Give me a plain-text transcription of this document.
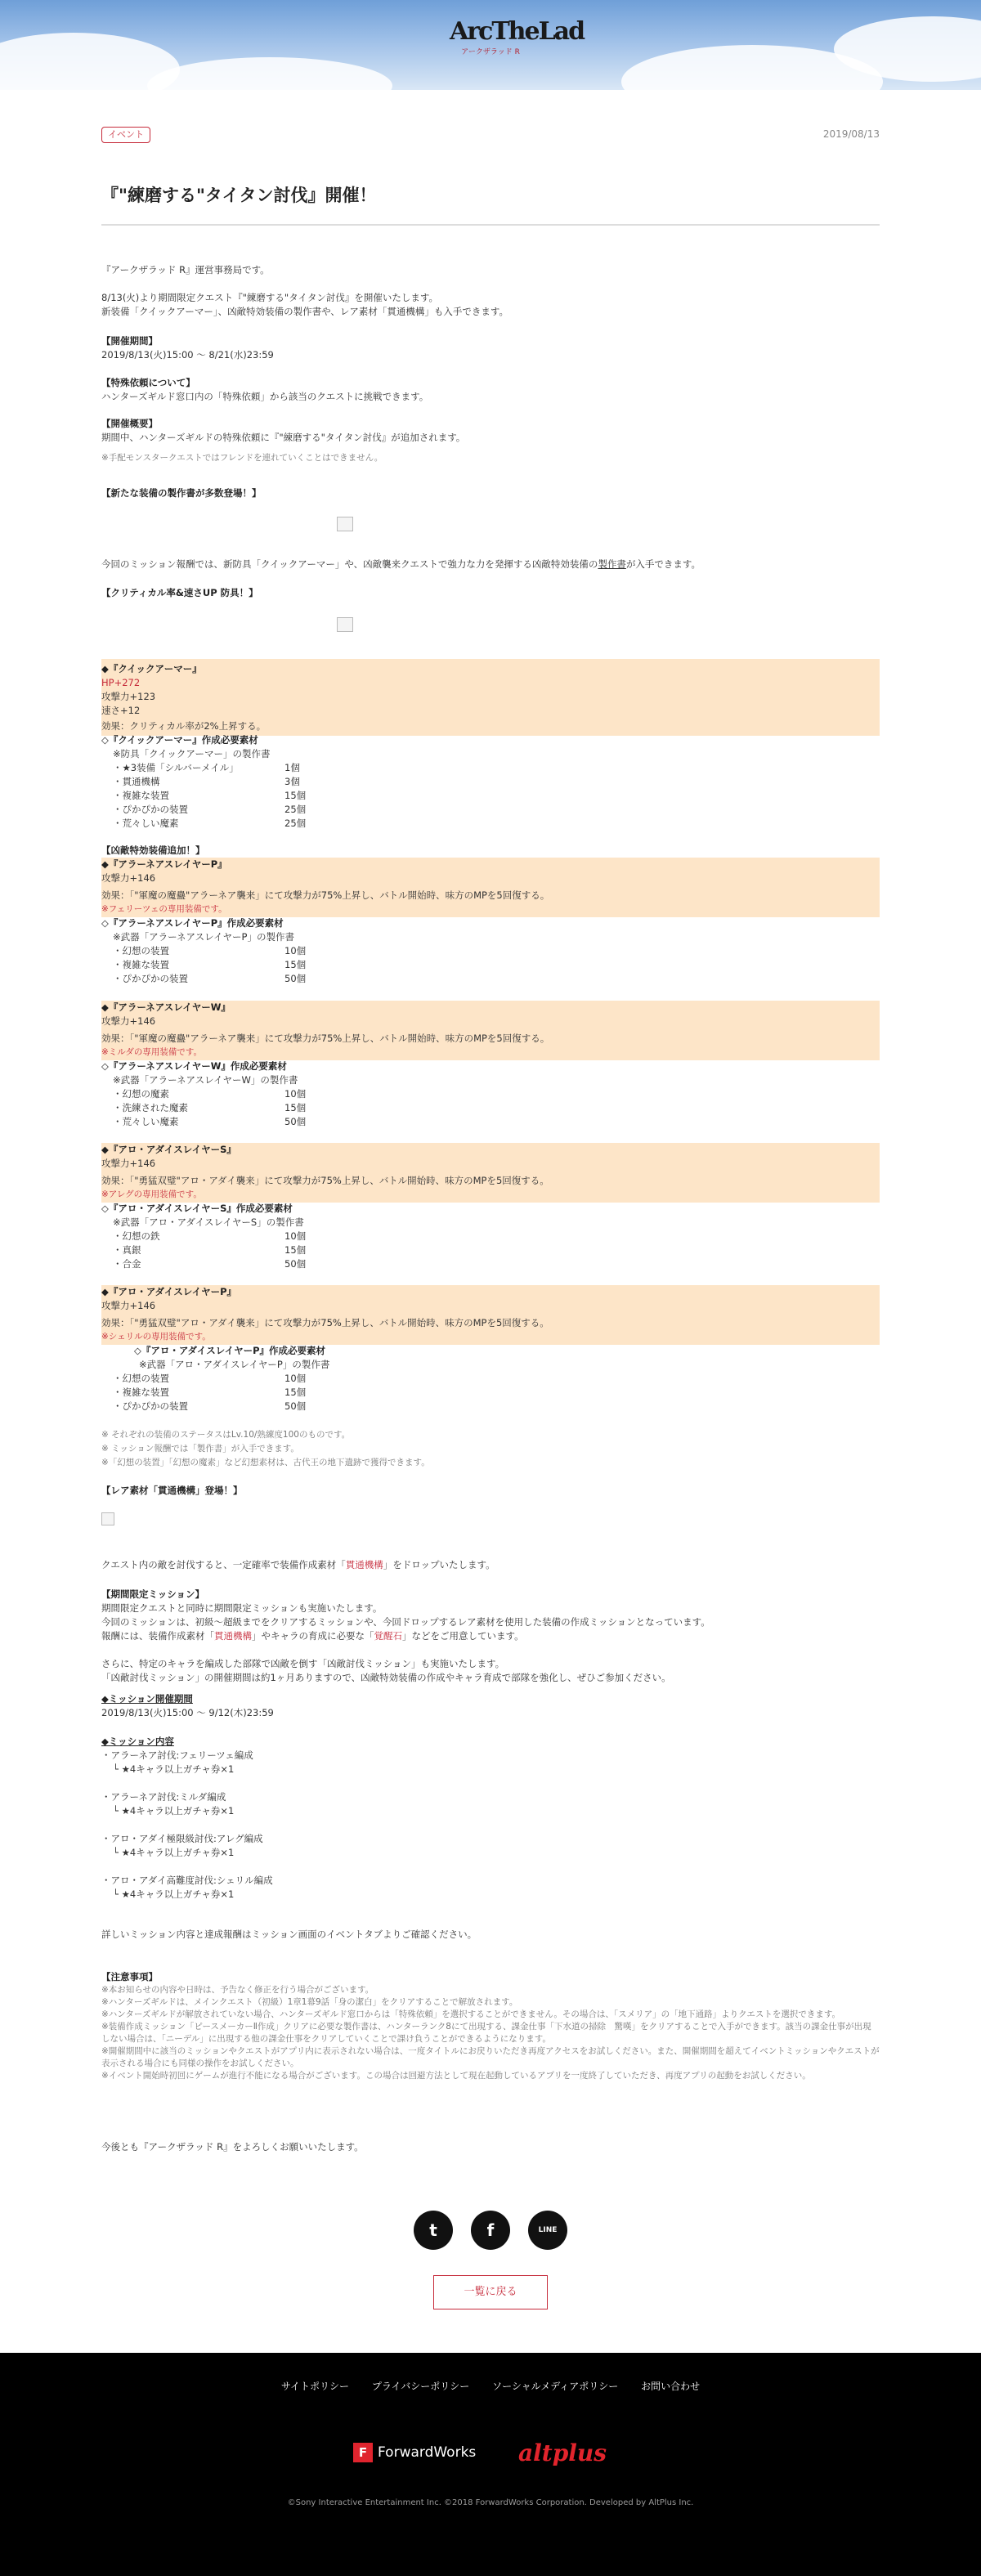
ArcTheLad
アークザラッド R
イベント	2019/08/13
『"練磨する"タイタン討伐』開催！

『アークザラッド R』運営事務局です。

8/13(火)より期間限定クエスト『"練磨する"タイタン討伐』を開催いたします。

新装備「クイックアーマー」、凶敵特効装備の製作書や、レア素材「貫通機構」も入手できます。

【開催期間】

2019/8/13(火)15:00 〜 8/21(水)23:59

【特殊依頼について】

ハンターズギルド窓口内の「特殊依頼」から該当のクエストに挑戦できます。

【開催概要】

期間中、ハンターズギルドの特殊依頼に『"練磨する"タイタン討伐』が追加されます。

※手配モンスタークエストではフレンドを連れていくことはできません。

【新たな装備の製作書が多数登場！】

今回のミッション報酬では、新防具「クイックアーマー」や、凶敵襲来クエストで強力な力を発揮する凶敵特効装備の製作書が入手できます。

【クリティカル率&速さUP 防具！】

◆『クイックアーマー』

HP+272

攻撃力+123

速さ+12

効果：クリティカル率が2%上昇する。

◇『クイックアーマー』作成必要素材

※防具「クイックアーマー」の製作書

・★3装備「シルバーメイル」	1個
・貫通機構	3個
・複雑な装置	15個
・ぴかぴかの装置	25個
・荒々しい魔素	25個

【凶敵特効装備追加！】

◆『アラーネアスレイヤーP』

攻撃力+146

効果：「"軍魔の魔蠱"アラーネア襲来」にて攻撃力が75%上昇し、バトル開始時、味方のMPを5回復する。

※フェリーツェの専用装備です。

◇『アラーネアスレイヤーP』作成必要素材

※武器「アラーネアスレイヤーP」の製作書

・幻想の装置	10個
・複雑な装置	15個
・ぴかぴかの装置	50個

◆『アラーネアスレイヤーW』

攻撃力+146

効果：「"軍魔の魔蠱"アラーネア襲来」にて攻撃力が75%上昇し、バトル開始時、味方のMPを5回復する。

※ミルダの専用装備です。

◇『アラーネアスレイヤーW』作成必要素材

※武器「アラーネアスレイヤーW」の製作書

・幻想の魔素	10個
・洗練された魔素	15個
・荒々しい魔素	50個

◆『アロ・アダイスレイヤーS』

攻撃力+146

効果：「"勇猛双璧"アロ・アダイ襲来」にて攻撃力が75%上昇し、バトル開始時、味方のMPを5回復する。

※アレグの専用装備です。

◇『アロ・アダイスレイヤーS』作成必要素材

※武器「アロ・アダイスレイヤーS」の製作書

・幻想の鉄	10個
・真銀	15個
・合金	50個

◆『アロ・アダイスレイヤーP』

攻撃力+146

効果：「"勇猛双璧"アロ・アダイ襲来」にて攻撃力が75%上昇し、バトル開始時、味方のMPを5回復する。

※シェリルの専用装備です。

◇『アロ・アダイスレイヤーP』作成必要素材

※武器「アロ・アダイスレイヤーP」の製作書

・幻想の装置	10個
・複雑な装置	15個
・ぴかぴかの装置	50個

※ それぞれの装備のステータスはLv.10/熟練度100のものです。

※ ミッション報酬では「製作書」が入手できます。

※「幻想の装置」「幻想の魔素」など幻想素材は、古代王の地下遺跡で獲得できます。

【レア素材「貫通機構」登場！】

クエスト内の敵を討伐すると、一定確率で装備作成素材「貫通機構」をドロップいたします。

【期間限定ミッション】

期間限定クエストと同時に期間限定ミッションも実施いたします。

今回のミッションは、初級〜超級までをクリアするミッションや、今回ドロップするレア素材を使用した装備の作成ミッションとなっています。

報酬には、装備作成素材「貫通機構」やキャラの育成に必要な「覚醒石」などをご用意しています。

さらに、特定のキャラを編成した部隊で凶敵を倒す「凶敵討伐ミッション」も実施いたします。

「凶敵討伐ミッション」の開催期間は約1ヶ月ありますので、凶敵特効装備の作成やキャラ育成で部隊を強化し、ぜひご参加ください。

◆ミッション開催期間

2019/8/13(火)15:00 〜 9/12(木)23:59

◆ミッション内容

・アラーネア討伐:フェリーツェ編成

└ ★4キャラ以上ガチャ券×1

・アラーネア討伐:ミルダ編成

└ ★4キャラ以上ガチャ券×1

・アロ・アダイ極限級討伐:アレグ編成

└ ★4キャラ以上ガチャ券×1

・アロ・アダイ高難度討伐:シェリル編成

└ ★4キャラ以上ガチャ券×1

詳しいミッション内容と達成報酬はミッション画面のイベントタブよりご確認ください。

【注意事項】

※本お知らせの内容や日時は、予告なく修正を行う場合がございます。

※ハンターズギルドは、メインクエスト（初級）1章1幕9話「身の潔白」をクリアすることで解放されます。

※ハンターズギルドが解放されていない場合、ハンターズギルド窓口からは「特殊依頼」を選択することができません。その場合は、「スメリア」の「地下通路」よりクエストを選択できます。

※装備作成ミッション「ピースメーカーⅡ作成」クリアに必要な製作書は、ハンターランク8にて出現する、課金仕事「下水道の掃除　驚嘆」をクリアすることで入手ができます。該当の課金仕事が出現しない場合は、「ニーデル」に出現する他の課金仕事をクリアしていくことで課け負うことができるようになります。

※開催期間中に該当のミッションやクエストがアプリ内に表示されない場合は、一度タイトルにお戻りいただき再度アクセスをお試しください。また、開催期間を超えてイベントミッションやクエストが表示される場合にも同様の操作をお試しください。

※イベント開始時初回にゲームが進行不能になる場合がございます。この場合は回避方法として現在起動しているアプリを一度終了していただき、再度アプリの起動をお試しください。

今後とも『アークザラッド R』をよろしくお願いいたします。

t	f	LINE
一覧に戻る
サイトポリシー プライバシーポリシー ソーシャルメディアポリシー お問い合わせ
F ForwardWorks altplus
©Sony Interactive Entertainment Inc. ©2018 ForwardWorks Corporation. Developed by AltPlus Inc.
